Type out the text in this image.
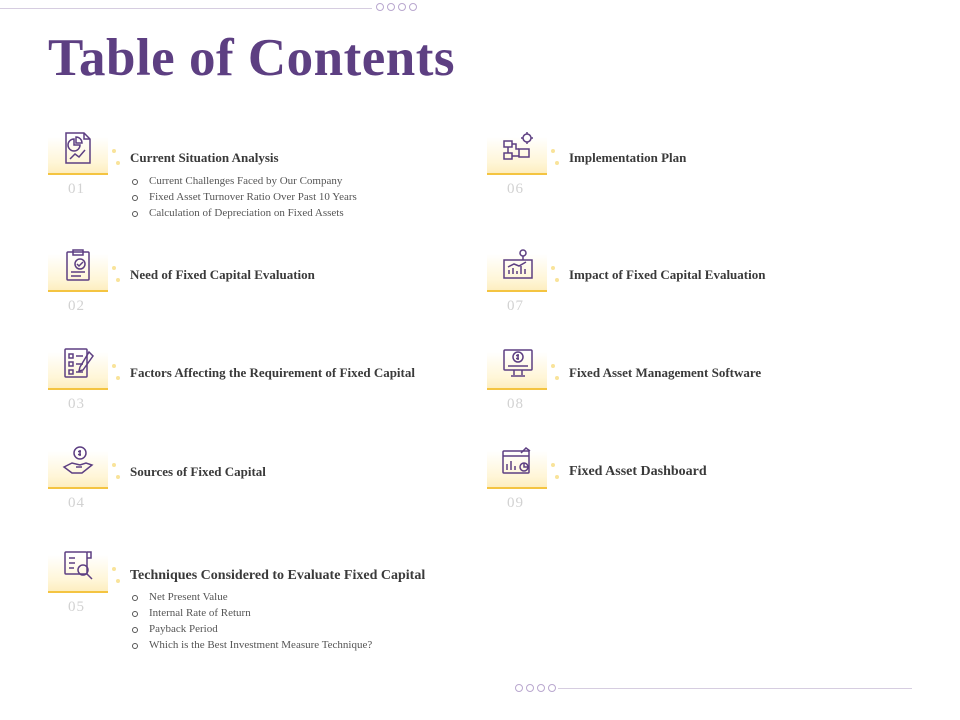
Table of Contents
01
Current Situation Analysis
Current Challenges Faced by Our Company
Fixed Asset Turnover Ratio Over Past 10 Years
Calculation of Depreciation on Fixed Assets
02
Need of Fixed Capital Evaluation
03
Factors Affecting the Requirement of Fixed Capital
04
Sources of Fixed Capital
05
Techniques Considered to Evaluate Fixed Capital
Net Present Value
Internal Rate of Return
Payback Period
Which is the Best Investment Measure Technique?
06
Implementation Plan
07
Impact of Fixed Capital Evaluation
08
Fixed Asset Management Software
09
Fixed Asset Dashboard
